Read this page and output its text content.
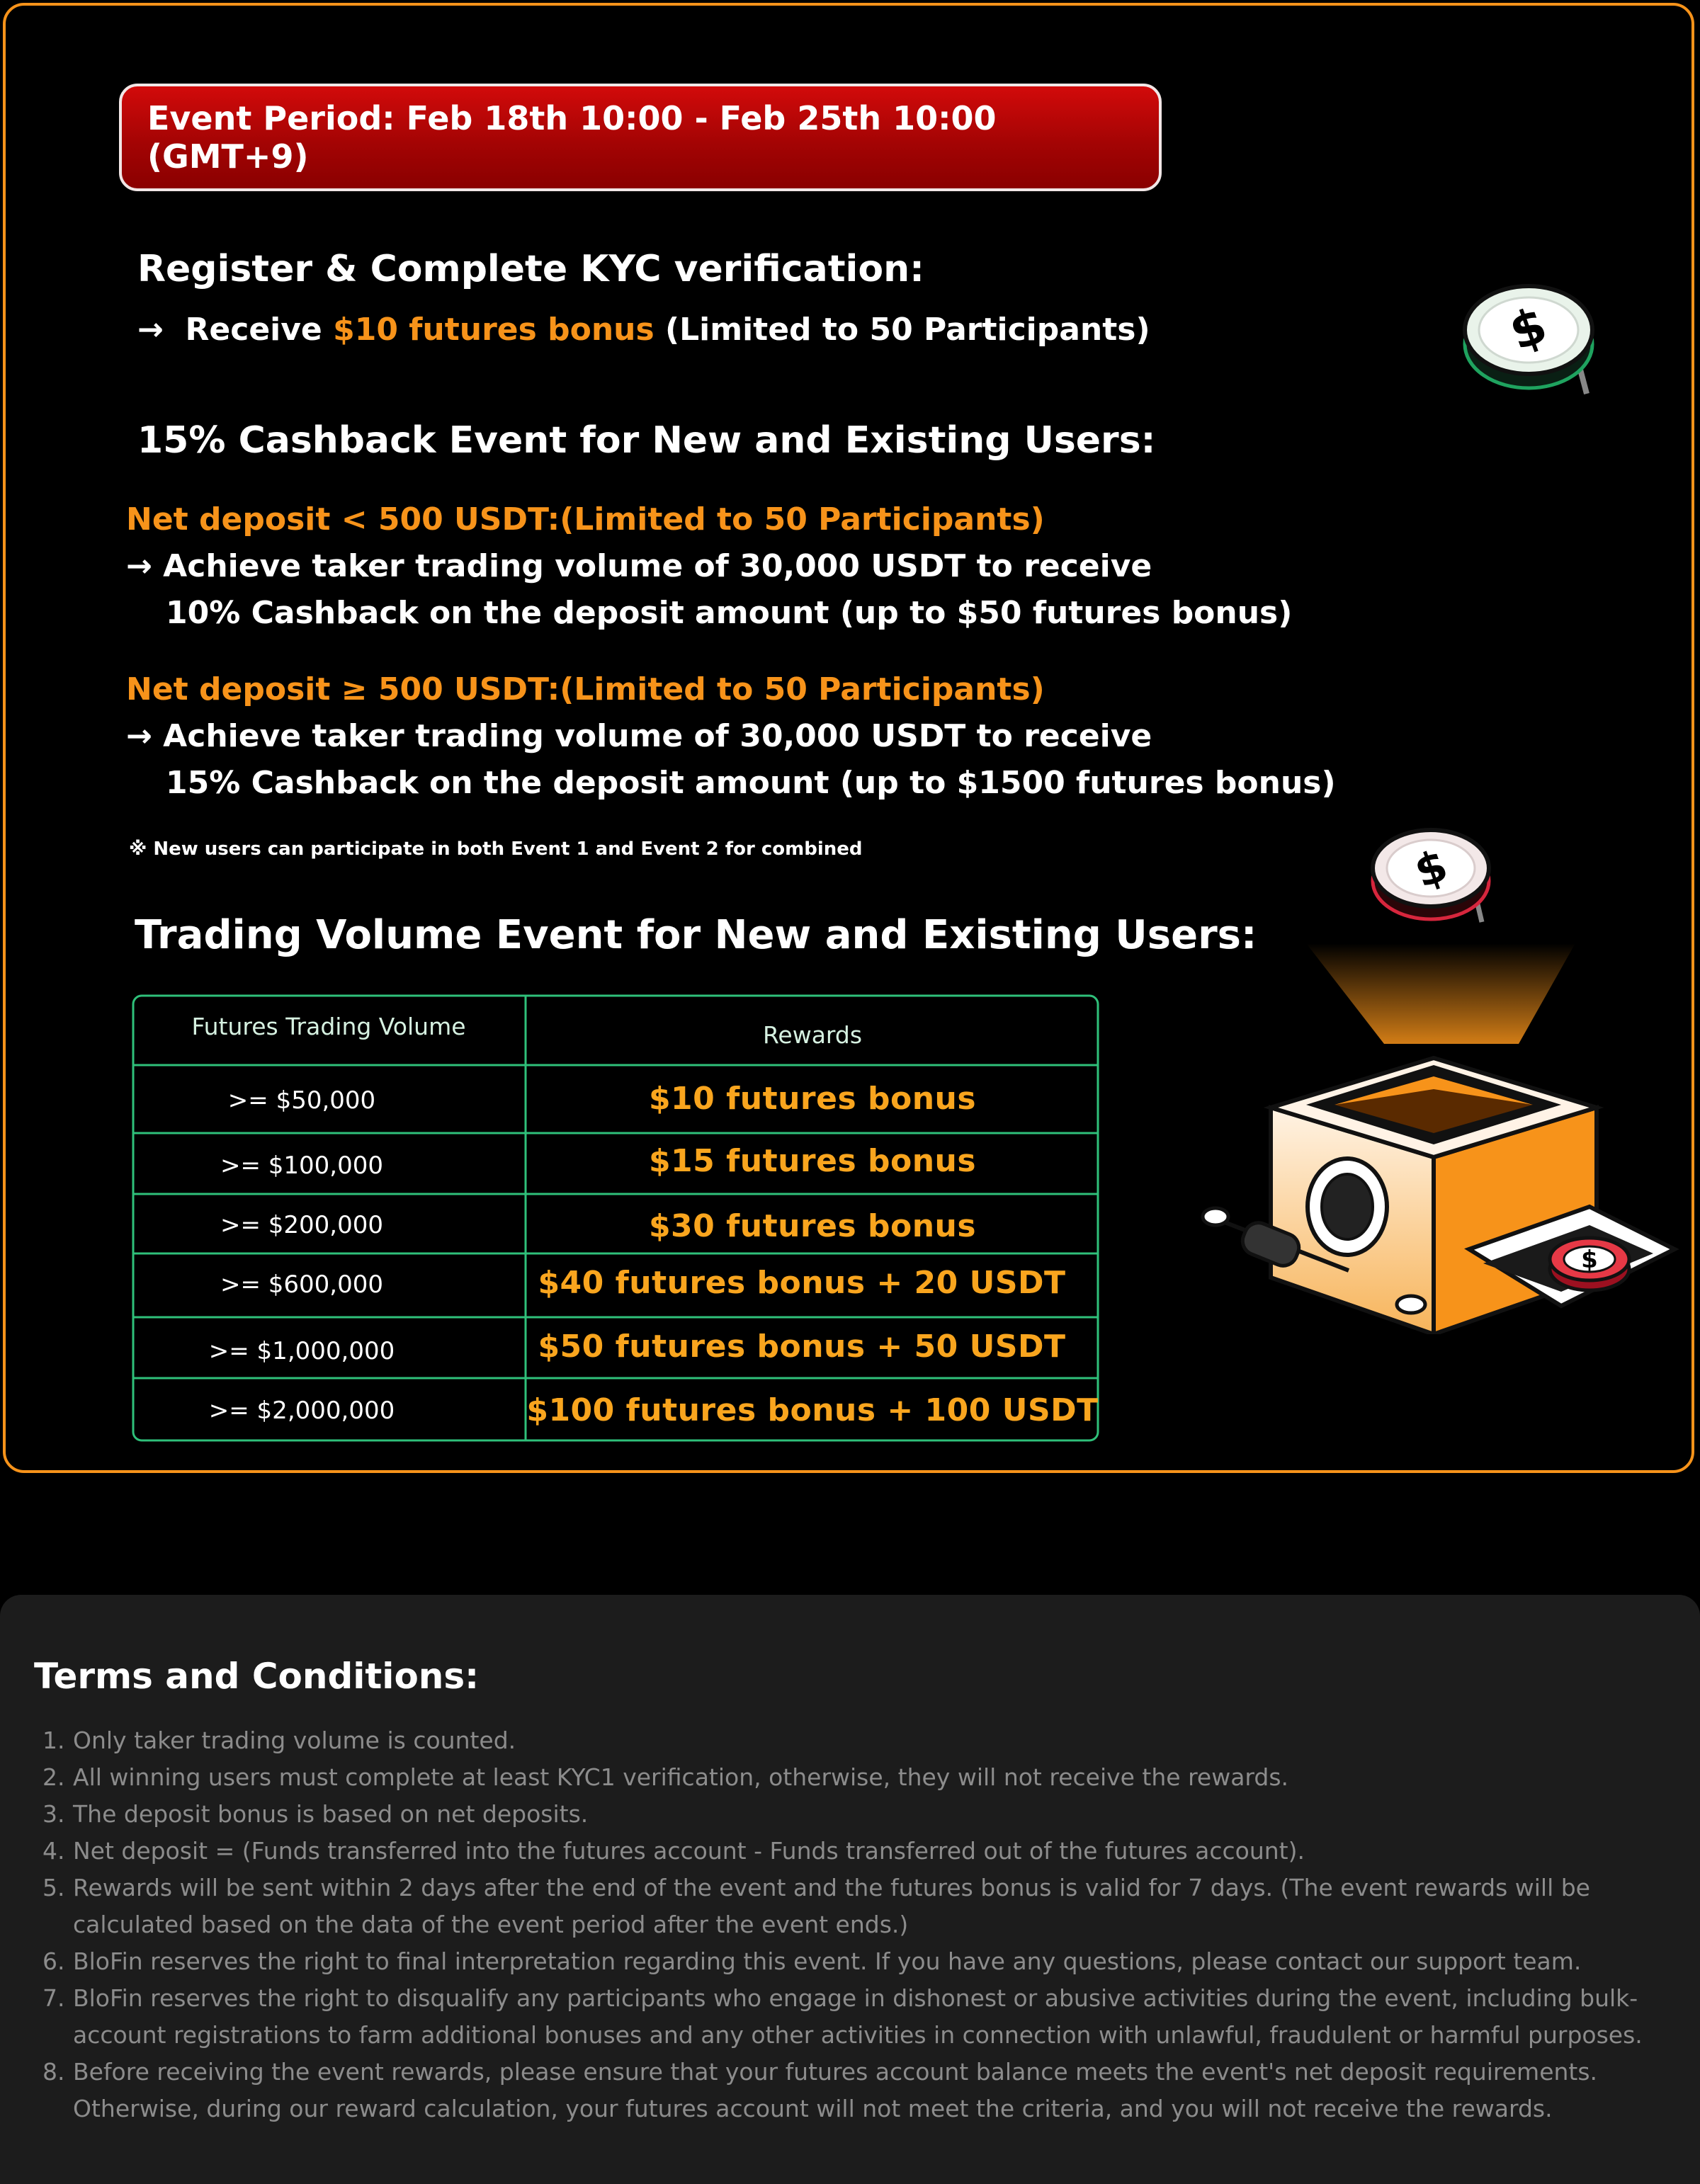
Event Period: Feb 18th 10:00 - Feb 25th 10:00 (GMT+9)
Register & Complete KYC verification:
→ Receive $10 futures bonus (Limited to 50 Participants)	$
15% Cashback Event for New and Existing Users:
Net deposit < 500 USDT:(Limited to 50 Participants)
→ Achieve taker trading volume of 30,000 USDT to receive
10% Cashback on the deposit amount (up to $50 futures bonus)
Net deposit ≥ 500 USDT:(Limited to 50 Participants)
→ Achieve taker trading volume of 30,000 USDT to receive
15% Cashback on the deposit amount (up to $1500 futures bonus)
※ New users can participate in both Event 1 and Event 2 for combined	$
Trading Volume Event for New and Existing Users:
Futures Trading Volume	Rewards
>= $50,000	$10 futures bonus
>= $100,000	$15 futures bonus
>= $200,000	$30 futures bonus
>= $600,000	$40 futures bonus + 20 USDT
>= $1,000,000	$50 futures bonus + 50 USDT
>= $2,000,000	$100 futures bonus + 100 USDT
$
Terms and Conditions:
1. Only taker trading volume is counted.
2. All winning users must complete at least KYC1 verification, otherwise, they will not receive the rewards.
3. The deposit bonus is based on net deposits.
4. Net deposit = (Funds transferred into the futures account - Funds transferred out of the futures account).
5. Rewards will be sent within 2 days after the end of the event and the futures bonus is valid for 7 days. (The event rewards will be calculated based on the data of the event period after the event ends.)
6. BloFin reserves the right to final interpretation regarding this event. If you have any questions, please contact our support team.
7. BloFin reserves the right to disqualify any participants who engage in dishonest or abusive activities during the event, including bulk-account registrations to farm additional bonuses and any other activities in connection with unlawful, fraudulent or harmful purposes.
8. Before receiving the event rewards, please ensure that your futures account balance meets the event's net deposit requirements. Otherwise, during our reward calculation, your futures account will not meet the criteria, and you will not receive the rewards.
